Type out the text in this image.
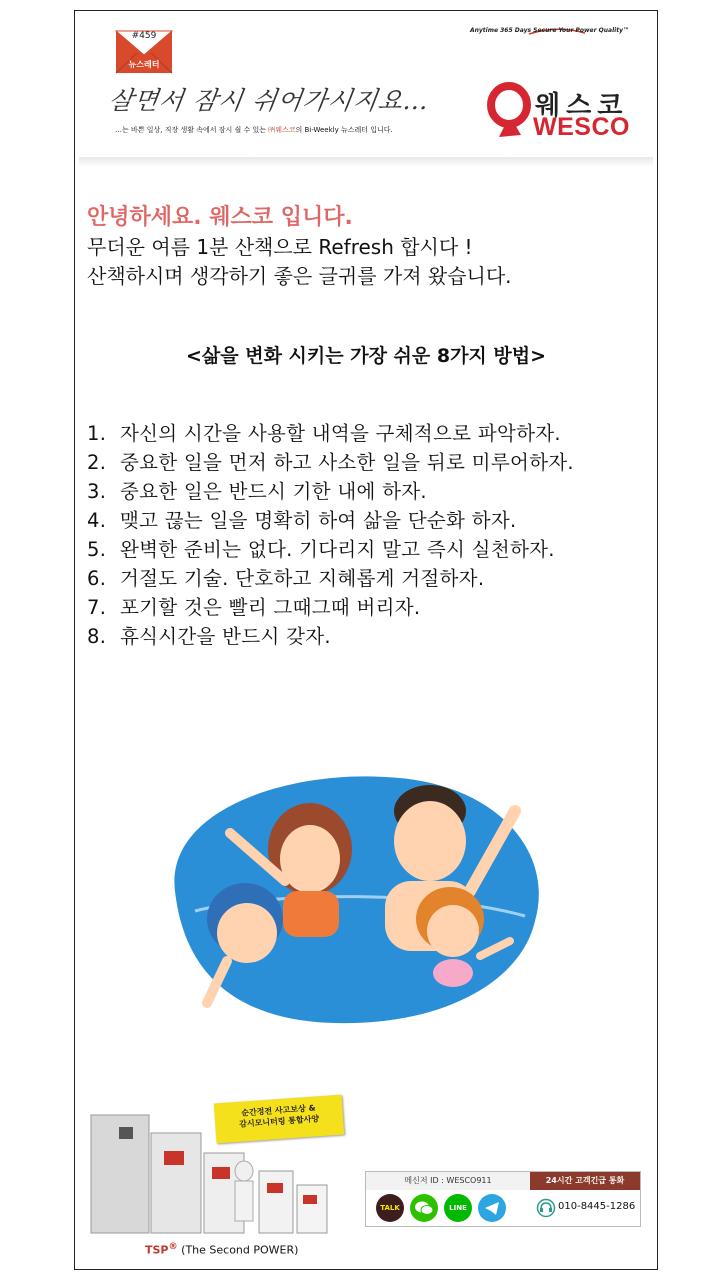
Anytime 365 Days Secure Your Power Quality™
#459
뉴스레터
살면서 잠시 쉬어가시지요…
…는 바쁜 일상, 직장 생활 속에서 잠시 쉴 수 있는 ㈜웨스코의 Bi-Weekly 뉴스레터 입니다.
웨스코
WESCO
안녕하세요. 웨스코 입니다.
무더운 여름 1분 산책으로 Refresh 합시다 !
산책하시며 생각하기 좋은 글귀를 가져 왔습니다.
<삶을 변화 시키는 가장 쉬운 8가지 방법>
1. 자신의 시간을 사용할 내역을 구체적으로 파악하자.
2. 중요한 일을 먼저 하고 사소한 일을 뒤로 미루어하자.
3. 중요한 일은 반드시 기한 내에 하자.
4. 맺고 끊는 일을 명확히 하여 삶을 단순화 하자.
5. 완벽한 준비는 없다. 기다리지 말고 즉시 실천하자.
6. 거절도 기술. 단호하고 지혜롭게 거절하자.
7. 포기할 것은 빨리 그때그때 버리자.
8. 휴식시간을 반드시 갖자.
순간정전 사고보상 &
감시모니터링 통합사양
TSP® (The Second POWER)
메신저 ID : WESCO911	24시간 고객긴급 통화
TALK	LINE	010-8445-1286
